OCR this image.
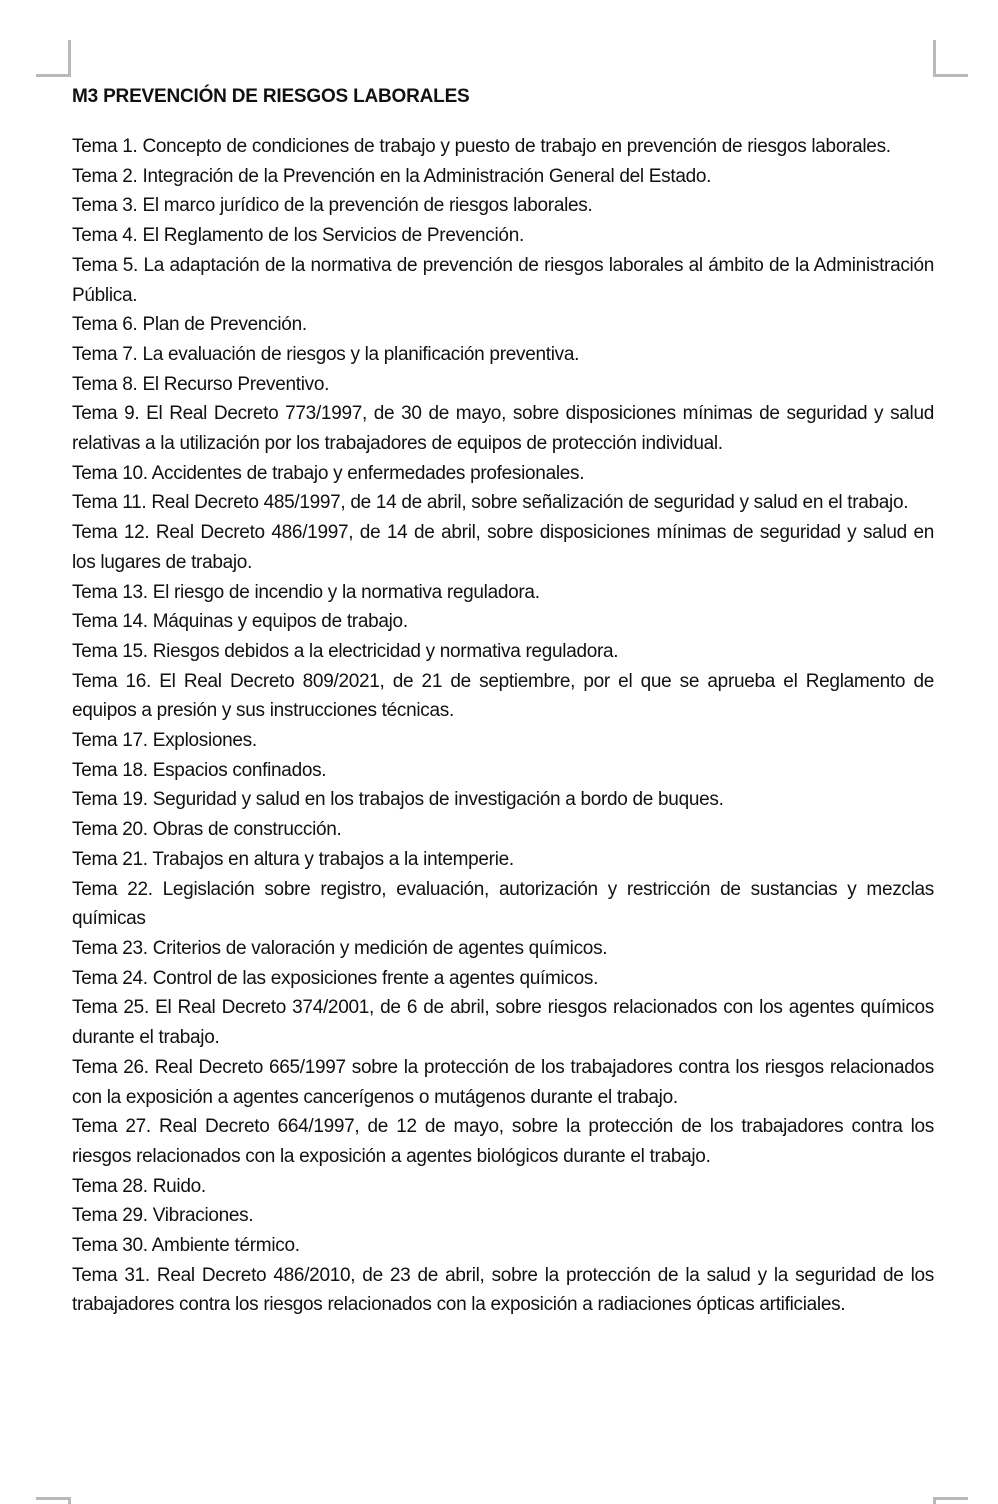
M3 PREVENCIÓN DE RIESGOS LABORALES
Tema 1. Concepto de condiciones de trabajo y puesto de trabajo en prevención de riesgos laborales.
Tema 2. Integración de la Prevención en la Administración General del Estado.
Tema 3. El marco jurídico de la prevención de riesgos laborales.
Tema 4. El Reglamento de los Servicios de Prevención.
Tema 5. La adaptación de la normativa de prevención de riesgos laborales al ámbito de la Administración Pública.
Tema 6. Plan de Prevención.
Tema 7. La evaluación de riesgos y la planificación preventiva.
Tema 8. El Recurso Preventivo.
Tema 9. El Real Decreto 773/1997, de 30 de mayo, sobre disposiciones mínimas de seguridad y salud relativas a la utilización por los trabajadores de equipos de protección individual.
Tema 10. Accidentes de trabajo y enfermedades profesionales.
Tema 11. Real Decreto 485/1997, de 14 de abril, sobre señalización de seguridad y salud en el trabajo.
Tema 12. Real Decreto 486/1997, de 14 de abril, sobre disposiciones mínimas de seguridad y salud en los lugares de trabajo.
Tema 13. El riesgo de incendio y la normativa reguladora.
Tema 14. Máquinas y equipos de trabajo.
Tema 15. Riesgos debidos a la electricidad y normativa reguladora.
Tema 16. El Real Decreto 809/2021, de 21 de septiembre, por el que se aprueba el Reglamento de equipos a presión y sus instrucciones técnicas.
Tema 17. Explosiones.
Tema 18. Espacios confinados.
Tema 19. Seguridad y salud en los trabajos de investigación a bordo de buques.
Tema 20. Obras de construcción.
Tema 21. Trabajos en altura y trabajos a la intemperie.
Tema 22. Legislación sobre registro, evaluación, autorización y restricción de sustancias y mezclas químicas
Tema 23. Criterios de valoración y medición de agentes químicos.
Tema 24. Control de las exposiciones frente a agentes químicos.
Tema 25. El Real Decreto 374/2001, de 6 de abril, sobre riesgos relacionados con los agentes químicos durante el trabajo.
Tema 26. Real Decreto 665/1997 sobre la protección de los trabajadores contra los riesgos relacionados con la exposición a agentes cancerígenos o mutágenos durante el trabajo.
Tema 27. Real Decreto 664/1997, de 12 de mayo, sobre la protección de los trabajadores contra los riesgos relacionados con la exposición a agentes biológicos durante el trabajo.
Tema 28. Ruido.
Tema 29. Vibraciones.
Tema 30. Ambiente térmico.
Tema 31. Real Decreto 486/2010, de 23 de abril, sobre la protección de la salud y la seguridad de los trabajadores contra los riesgos relacionados con la exposición a radiaciones ópticas artificiales.
